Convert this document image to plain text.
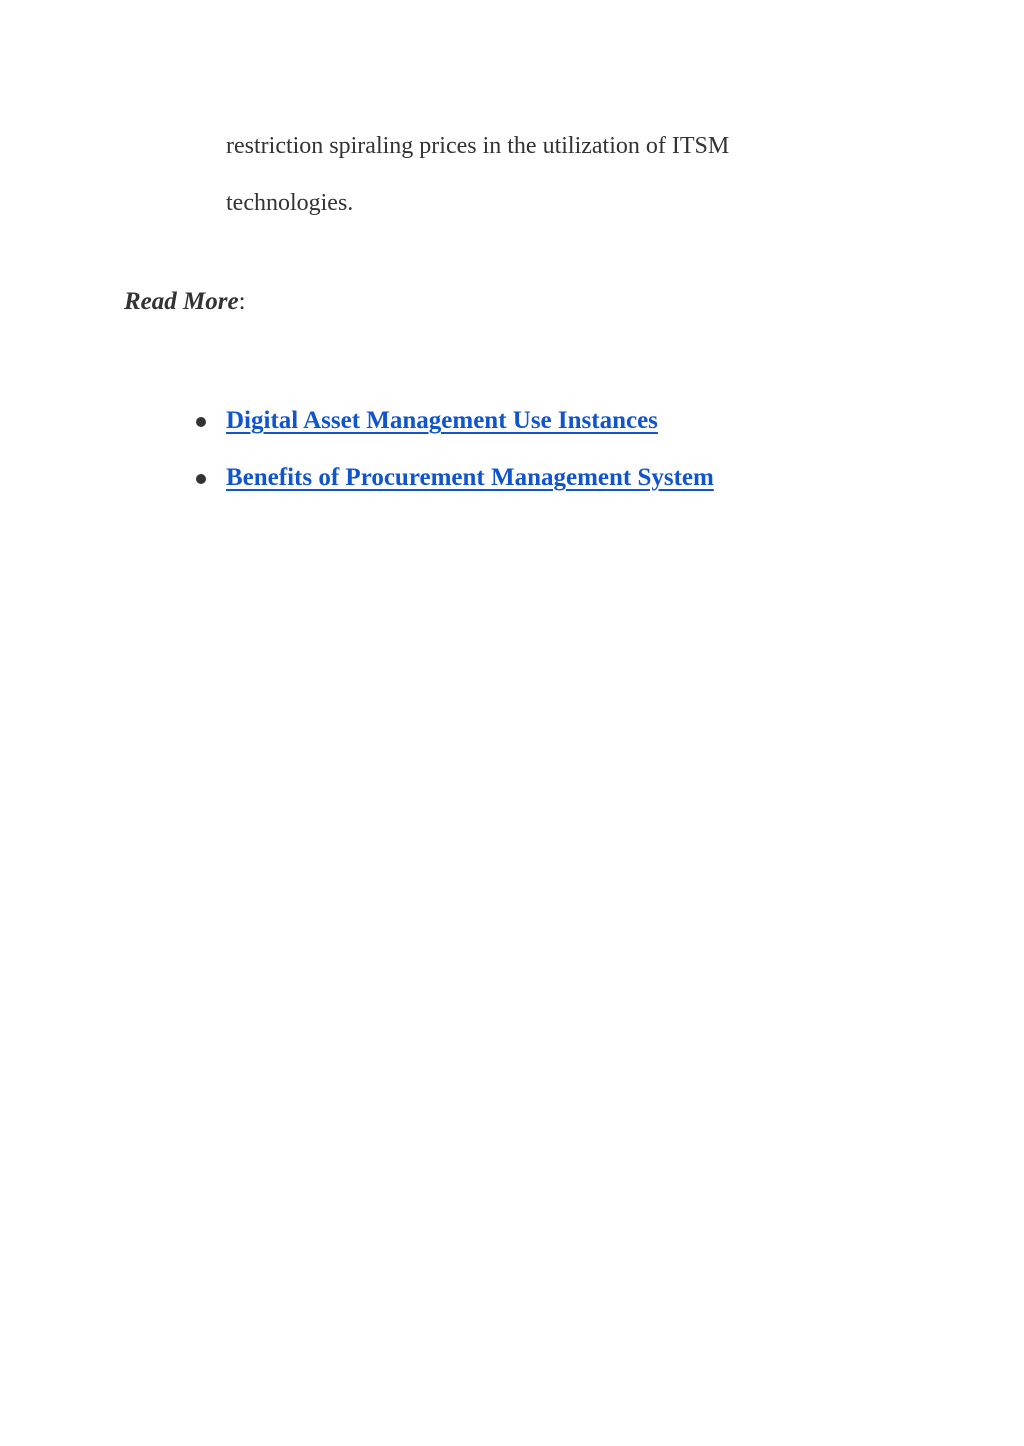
restriction spiraling prices in the utilization of ITSM
technologies.

Read More:

Digital Asset Management Use Instances
Benefits of Procurement Management System
